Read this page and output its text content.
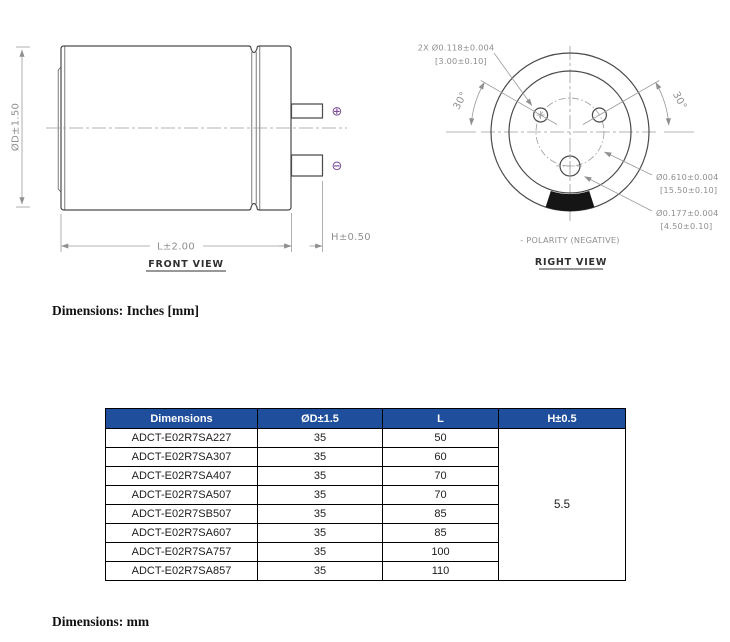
ØD±1.50	⊕
⊖
L±2.00
H±0.50
FRONT VIEW
30°	30°
2X Ø0.118±0.004
[3.00±0.10]
Ø0.610±0.004
[15.50±0.10]
Ø0.177±0.004
[4.50±0.10]
- POLARITY (NEGATIVE)
RIGHT VIEW
Dimensions: Inches [mm]
Dimensions	ØD±1.5	L	H±0.5
ADCT-E02R7SA227	35	50	5.5
ADCT-E02R7SA307	35	60	
ADCT-E02R7SA407	35	70	
ADCT-E02R7SA507	35	70	
ADCT-E02R7SB507	35	85	
ADCT-E02R7SA607	35	85	
ADCT-E02R7SA757	35	100	
ADCT-E02R7SA857	35	110	
Dimensions: mm
